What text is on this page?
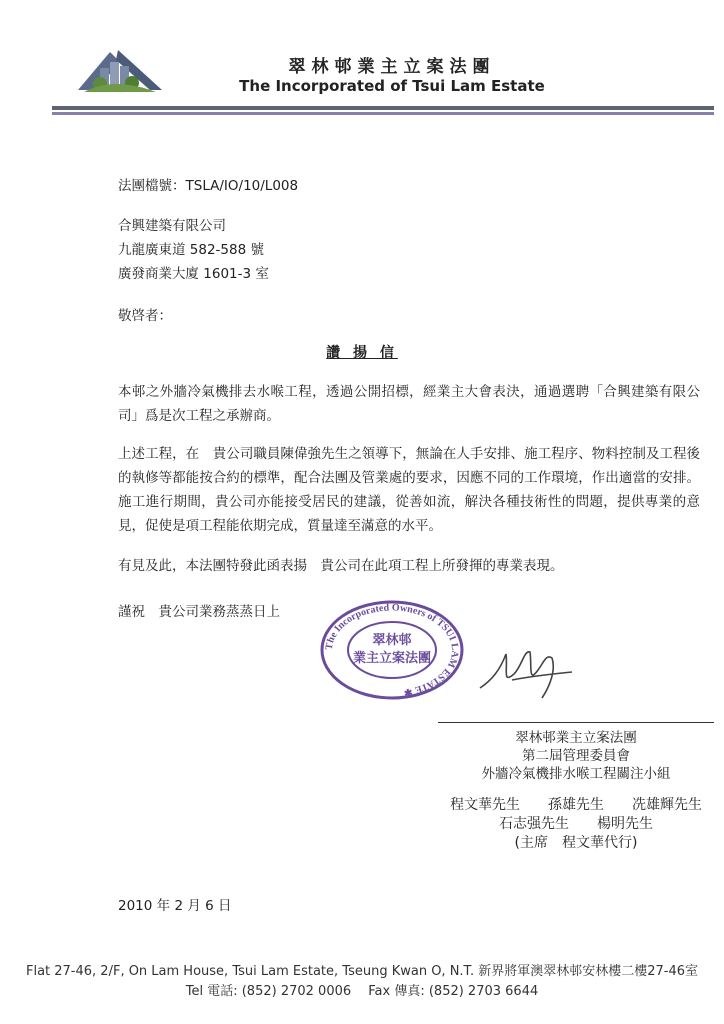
翠林邨業主立案法團
The Incorporated of Tsui Lam Estate
法團檔號：TSLA/IO/10/L008
合興建築有限公司
九龍廣東道 582-588 號
廣發商業大廈 1601-3 室
敬啓者：
讚 揚 信
本邨之外牆冷氣機排去水喉工程，透過公開招標，經業主大會表決，通過選聘「合興建築有限公司」爲是次工程之承辦商。
上述工程，在　貴公司職員陳偉強先生之領導下，無論在人手安排、施工程序、物料控制及工程後的執修等都能按合約的標準，配合法團及管業處的要求，因應不同的工作環境，作出適當的安排。施工進行期間，貴公司亦能接受居民的建議，從善如流，解決各種技術性的問題，提供專業的意見，促使是項工程能依期完成，質量達至滿意的水平。
有見及此，本法團特發此函表揚　貴公司在此項工程上所發揮的專業表現。
謹祝　貴公司業務蒸蒸日上
The Incorporated Owners of TSUI LAM ESTATE ✱
翠林邨
業主立案法團
翠林邨業主立案法團
第二屆管理委員會
外牆冷氣機排水喉工程關注小組
程文華先生　　孫雄先生　　冼雄輝先生
石志强先生　　楊明先生
(主席　程文華代行)
2010 年 2 月 6 日
Flat 27-46, 2/F, On Lam House, Tsui Lam Estate, Tseung Kwan O, N.T. 新界將軍澳翠林邨安林樓二樓27-46室
Tel 電話: (852) 2702 0006　 Fax 傳真: (852) 2703 6644
